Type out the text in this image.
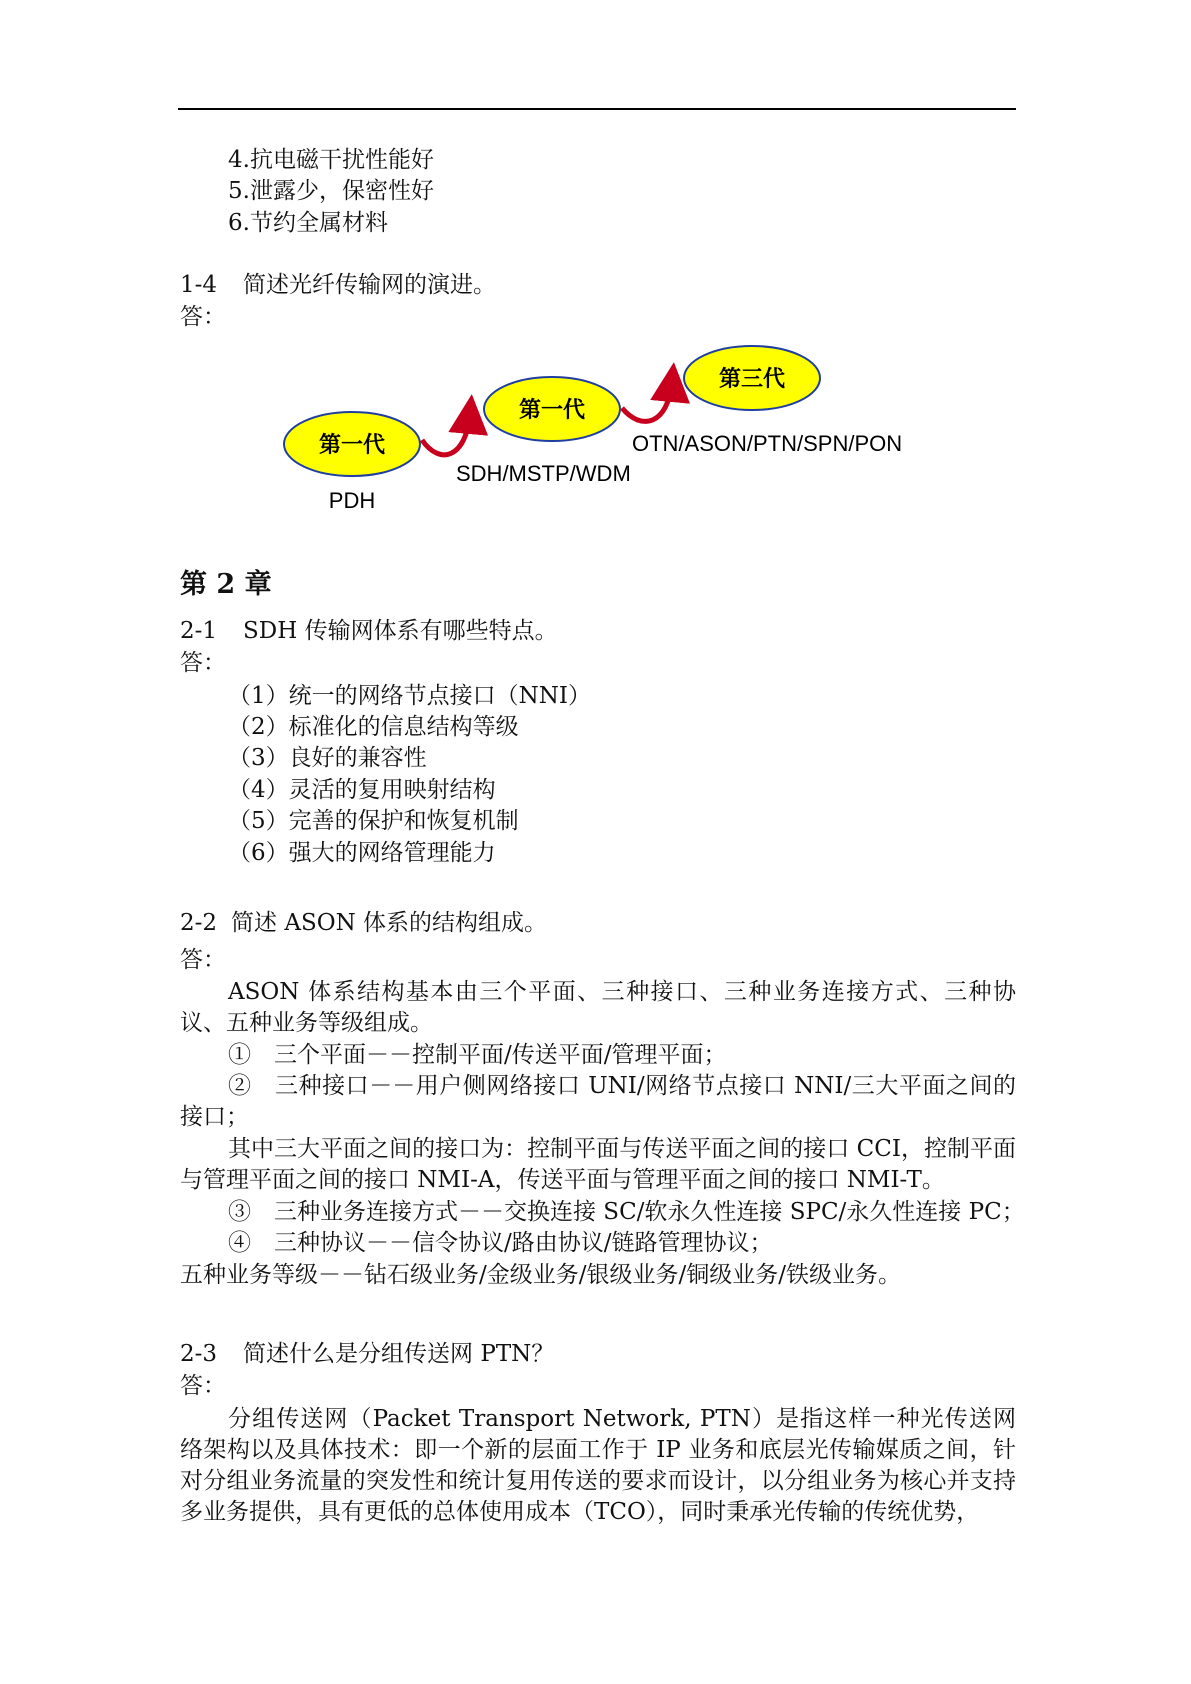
4.抗电磁干扰性能好
5.泄露少，保密性好
6.节约全属材料
1-4 简述光纤传输网的演进。
答：
第一代
第一代
第三代
PDH
SDH/MSTP/WDM
OTN/ASON/PTN/SPN/PON
第 2 章
2-1 SDH 传输网体系有哪些特点。
答：
（1）统一的网络节点接口（NNI）
（2）标准化的信息结构等级
（3）良好的兼容性
（4）灵活的复用映射结构
（5）完善的保护和恢复机制
（6）强大的网络管理能力
2-2 简述 ASON 体系的结构组成。
答：
ASON 体系结构基本由三个平面、三种接口、三种业务连接方式、三种协议、五种业务等级组成。
①　三个平面－－控制平面/传送平面/管理平面；
②　三种接口－－用户侧网络接口 UNI/网络节点接口 NNI/三大平面之间的接口；
其中三大平面之间的接口为：控制平面与传送平面之间的接口 CCI，控制平面与管理平面之间的接口 NMI-A，传送平面与管理平面之间的接口 NMI-T。
③　三种业务连接方式－－交换连接 SC/软永久性连接 SPC/永久性连接 PC；
④　三种协议－－信令协议/路由协议/链路管理协议；
五种业务等级－－钻石级业务/金级业务/银级业务/铜级业务/铁级业务。
2-3 简述什么是分组传送网 PTN？
答：
分组传送网（Packet Transport Network, PTN）是指这样一种光传送网络架构以及具体技术：即一个新的层面工作于 IP 业务和底层光传输媒质之间，针对分组业务流量的突发性和统计复用传送的要求而设计，以分组业务为核心并支持多业务提供，具有更低的总体使用成本（TCO），同时秉承光传输的传统优势，
